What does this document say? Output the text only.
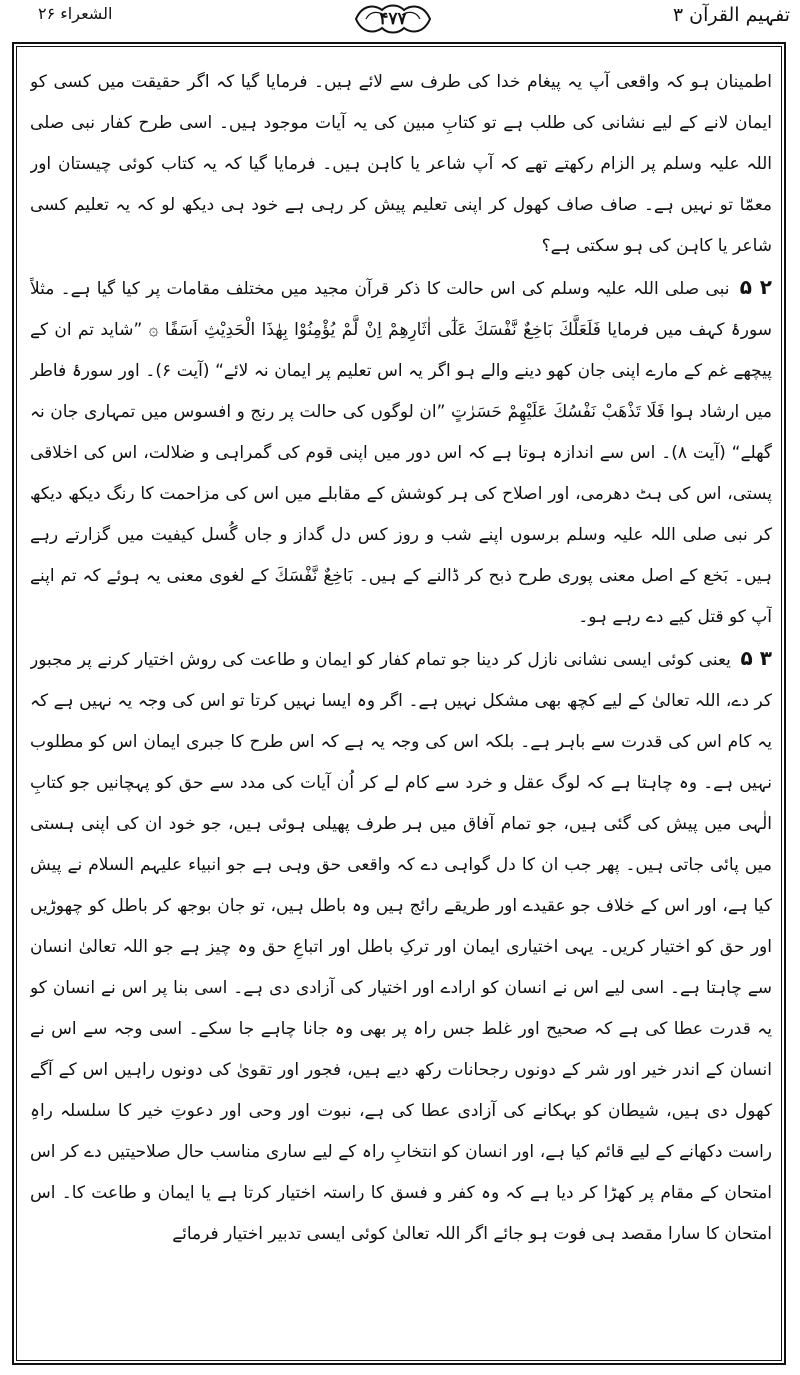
تفہیم القرآن ۳
۴۷۷
الشعراء ۲۶

اطمینان ہو کہ واقعی آپ یہ پیغام خدا کی طرف سے لائے ہیں۔ فرمایا گیا کہ اگر حقیقت میں کسی کو ایمان لانے کے لیے نشانی کی طلب ہے تو کتابِ مبین کی یہ آیات موجود ہیں۔ اسی طرح کفار نبی صلی اللہ علیہ وسلم پر الزام رکھتے تھے کہ آپ شاعر یا کاہن ہیں۔ فرمایا گیا کہ یہ کتاب کوئی چیستان اور معمّا تو نہیں ہے۔ صاف صاف کھول کر اپنی تعلیم پیش کر رہی ہے خود ہی دیکھ لو کہ یہ تعلیم کسی شاعر یا کاہن کی ہو سکتی ہے؟

۲ ۵ نبی صلی اللہ علیہ وسلم کی اس حالت کا ذکر قرآن مجید میں مختلف مقامات پر کیا گیا ہے۔ مثلاً سورۂ کہف میں فرمایا فَلَعَلَّكَ بَاخِعٌ نَّفْسَكَ عَلٰٓى اٰثَارِهِمْ اِنْ لَّمْ يُؤْمِنُوْا بِهٰذَا الْحَدِيْثِ اَسَفًا ۞ ”شاید تم ان کے پیچھے غم کے مارے اپنی جان کھو دینے والے ہو اگر یہ اس تعلیم پر ایمان نہ لائے“ (آیت ۶)۔ اور سورۂ فاطر میں ارشاد ہوا فَلَا تَذْهَبْ نَفْسُكَ عَلَيْهِمْ حَسَرٰتٍ ”ان لوگوں کی حالت پر رنج و افسوس میں تمہاری جان نہ گھلے“ (آیت ۸)۔ اس سے اندازہ ہوتا ہے کہ اس دور میں اپنی قوم کی گمراہی و ضلالت، اس کی اخلاقی پستی، اس کی ہٹ دھرمی، اور اصلاح کی ہر کوشش کے مقابلے میں اس کی مزاحمت کا رنگ دیکھ دیکھ کر نبی صلی اللہ علیہ وسلم برسوں اپنے شب و روز کس دل گداز و جاں گُسل کیفیت میں گزارتے رہے ہیں۔ بَخع کے اصل معنی پوری طرح ذبح کر ڈالنے کے ہیں۔ بَاخِعٌ نَّفْسَكَ کے لغوی معنی یہ ہوئے کہ تم اپنے آپ کو قتل کیے دے رہے ہو۔

۳ ۵ یعنی کوئی ایسی نشانی نازل کر دینا جو تمام کفار کو ایمان و طاعت کی روش اختیار کرنے پر مجبور کر دے، اللہ تعالیٰ کے لیے کچھ بھی مشکل نہیں ہے۔ اگر وہ ایسا نہیں کرتا تو اس کی وجہ یہ نہیں ہے کہ یہ کام اس کی قدرت سے باہر ہے۔ بلکہ اس کی وجہ یہ ہے کہ اس طرح کا جبری ایمان اس کو مطلوب نہیں ہے۔ وہ چاہتا ہے کہ لوگ عقل و خرد سے کام لے کر اُن آیات کی مدد سے حق کو پہچانیں جو کتابِ الٰہی میں پیش کی گئی ہیں، جو تمام آفاق میں ہر طرف پھیلی ہوئی ہیں، جو خود ان کی اپنی ہستی میں پائی جاتی ہیں۔ پھر جب ان کا دل گواہی دے کہ واقعی حق وہی ہے جو انبیاء علیہم السلام نے پیش کیا ہے، اور اس کے خلاف جو عقیدے اور طریقے رائج ہیں وہ باطل ہیں، تو جان بوجھ کر باطل کو چھوڑیں اور حق کو اختیار کریں۔ یہی اختیاری ایمان اور ترکِ باطل اور اتباعِ حق وہ چیز ہے جو اللہ تعالیٰ انسان سے چاہتا ہے۔ اسی لیے اس نے انسان کو ارادے اور اختیار کی آزادی دی ہے۔ اسی بنا پر اس نے انسان کو یہ قدرت عطا کی ہے کہ صحیح اور غلط جس راہ پر بھی وہ جانا چاہے جا سکے۔ اسی وجہ سے اس نے انسان کے اندر خیر اور شر کے دونوں رجحانات رکھ دیے ہیں، فجور اور تقویٰ کی دونوں راہیں اس کے آگے کھول دی ہیں، شیطان کو بہکانے کی آزادی عطا کی ہے، نبوت اور وحی اور دعوتِ خیر کا سلسلہ راہِ راست دکھانے کے لیے قائم کیا ہے، اور انسان کو انتخابِ راہ کے لیے ساری مناسب حال صلاحیتیں دے کر اس امتحان کے مقام پر کھڑا کر دیا ہے کہ وہ کفر و فسق کا راستہ اختیار کرتا ہے یا ایمان و طاعت کا۔ اس امتحان کا سارا مقصد ہی فوت ہو جائے اگر اللہ تعالیٰ کوئی ایسی تدبیر اختیار فرمائے
